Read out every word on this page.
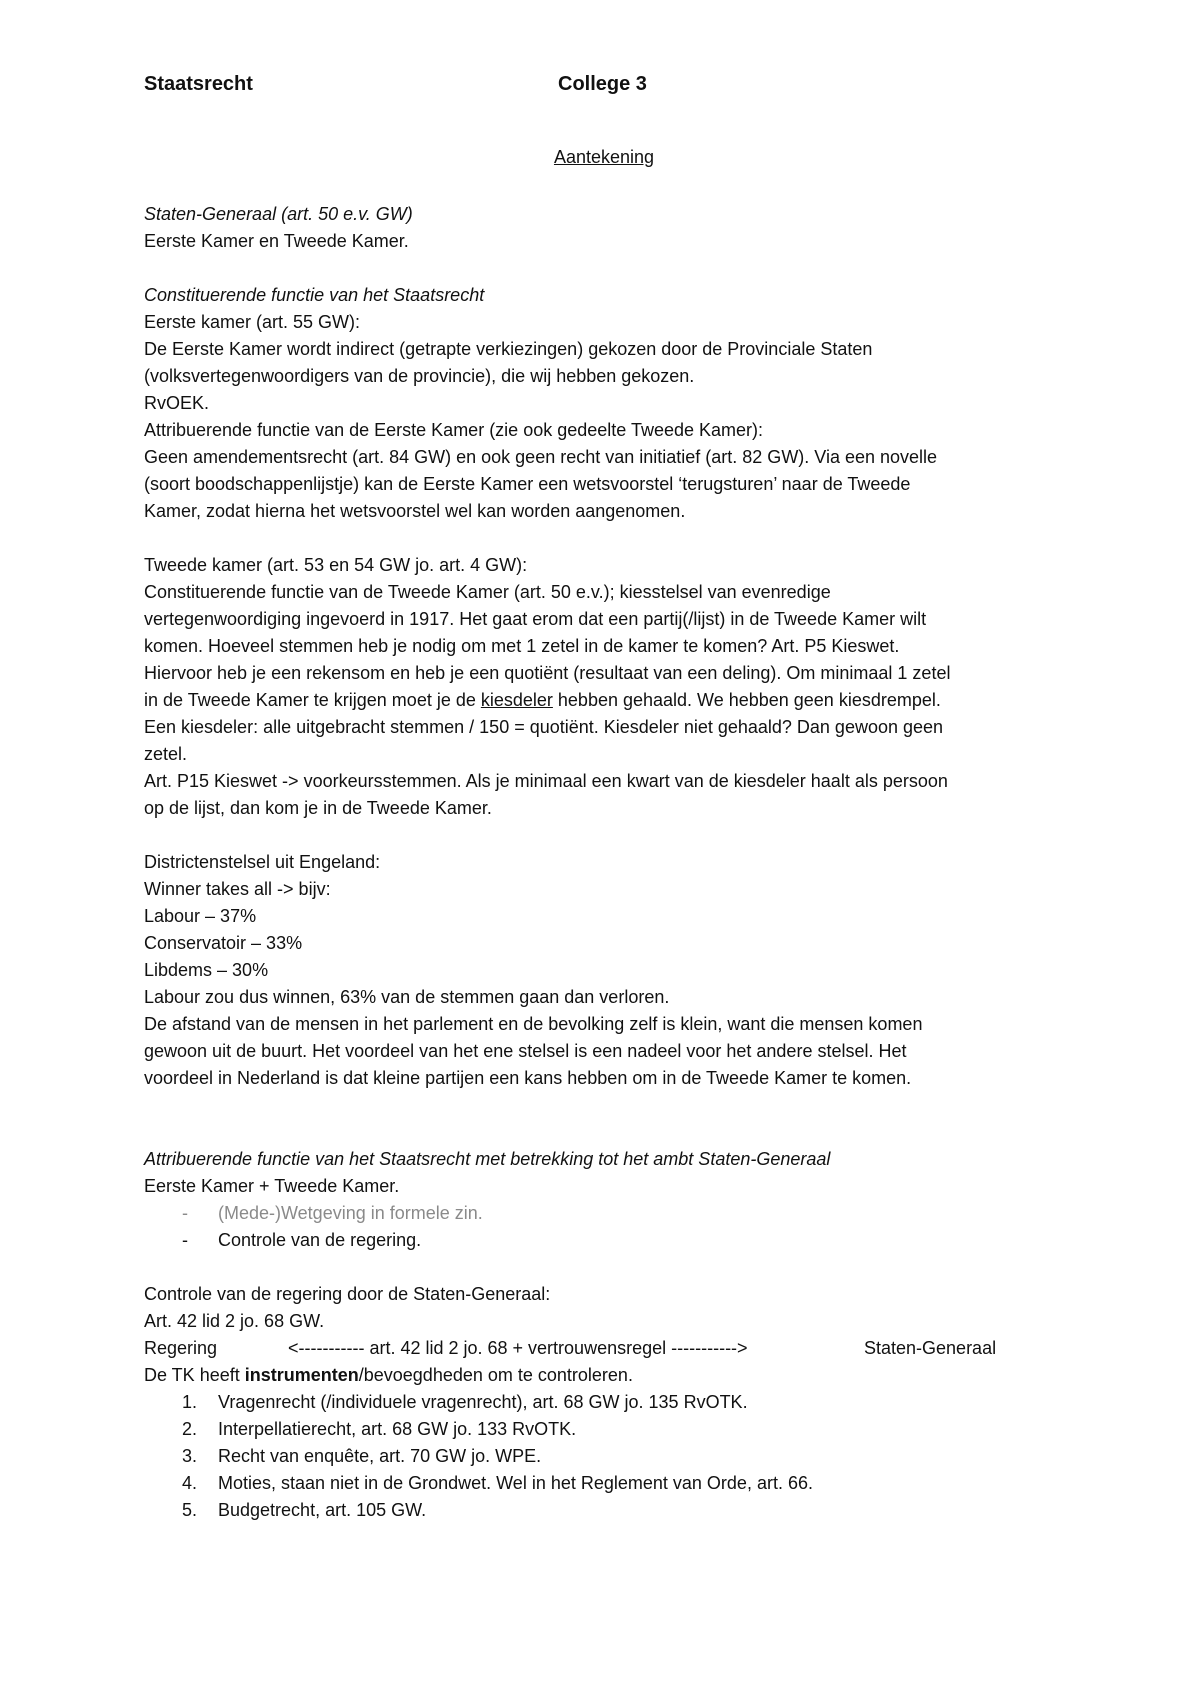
Staatsrecht	College 3
Aantekening
Staten-Generaal (art. 50 e.v. GW)
Eerste Kamer en Tweede Kamer.
Constituerende functie van het Staatsrecht
Eerste kamer (art. 55 GW):
De Eerste Kamer wordt indirect (getrapte verkiezingen) gekozen door de Provinciale Staten
(volksvertegenwoordigers van de provincie), die wij hebben gekozen.
RvOEK.
Attribuerende functie van de Eerste Kamer (zie ook gedeelte Tweede Kamer):
Geen amendementsrecht (art. 84 GW) en ook geen recht van initiatief (art. 82 GW). Via een novelle
(soort boodschappenlijstje) kan de Eerste Kamer een wetsvoorstel ‘terugsturen’ naar de Tweede
Kamer, zodat hierna het wetsvoorstel wel kan worden aangenomen.
Tweede kamer (art. 53 en 54 GW jo. art. 4 GW):
Constituerende functie van de Tweede Kamer (art. 50 e.v.); kiesstelsel van evenredige
vertegenwoordiging ingevoerd in 1917. Het gaat erom dat een partij(/lijst) in de Tweede Kamer wilt
komen. Hoeveel stemmen heb je nodig om met 1 zetel in de kamer te komen? Art. P5 Kieswet.
Hiervoor heb je een rekensom en heb je een quotiënt (resultaat van een deling). Om minimaal 1 zetel
in de Tweede Kamer te krijgen moet je de kiesdeler hebben gehaald. We hebben geen kiesdrempel.
Een kiesdeler: alle uitgebracht stemmen / 150 = quotiënt. Kiesdeler niet gehaald? Dan gewoon geen
zetel.
Art. P15 Kieswet -> voorkeursstemmen. Als je minimaal een kwart van de kiesdeler haalt als persoon
op de lijst, dan kom je in de Tweede Kamer.
Districtenstelsel uit Engeland:
Winner takes all -> bijv:
Labour – 37%
Conservatoir – 33%
Libdems – 30%
Labour zou dus winnen, 63% van de stemmen gaan dan verloren.
De afstand van de mensen in het parlement en de bevolking zelf is klein, want die mensen komen
gewoon uit de buurt. Het voordeel van het ene stelsel is een nadeel voor het andere stelsel. Het
voordeel in Nederland is dat kleine partijen een kans hebben om in de Tweede Kamer te komen.
Attribuerende functie van het Staatsrecht met betrekking tot het ambt Staten-Generaal
Eerste Kamer + Tweede Kamer.
- (Mede-)Wetgeving in formele zin.
- Controle van de regering.
Controle van de regering door de Staten-Generaal:
Art. 42 lid 2 jo. 68 GW.
Regering	<----------- art. 42 lid 2 jo. 68 + vertrouwensregel ----------->	Staten-Generaal
De TK heeft instrumenten/bevoegdheden om te controleren.
1. Vragenrecht (/individuele vragenrecht), art. 68 GW jo. 135 RvOTK.
2. Interpellatierecht, art. 68 GW jo. 133 RvOTK.
3. Recht van enquête, art. 70 GW jo. WPE.
4. Moties, staan niet in de Grondwet. Wel in het Reglement van Orde, art. 66.
5. Budgetrecht, art. 105 GW.
